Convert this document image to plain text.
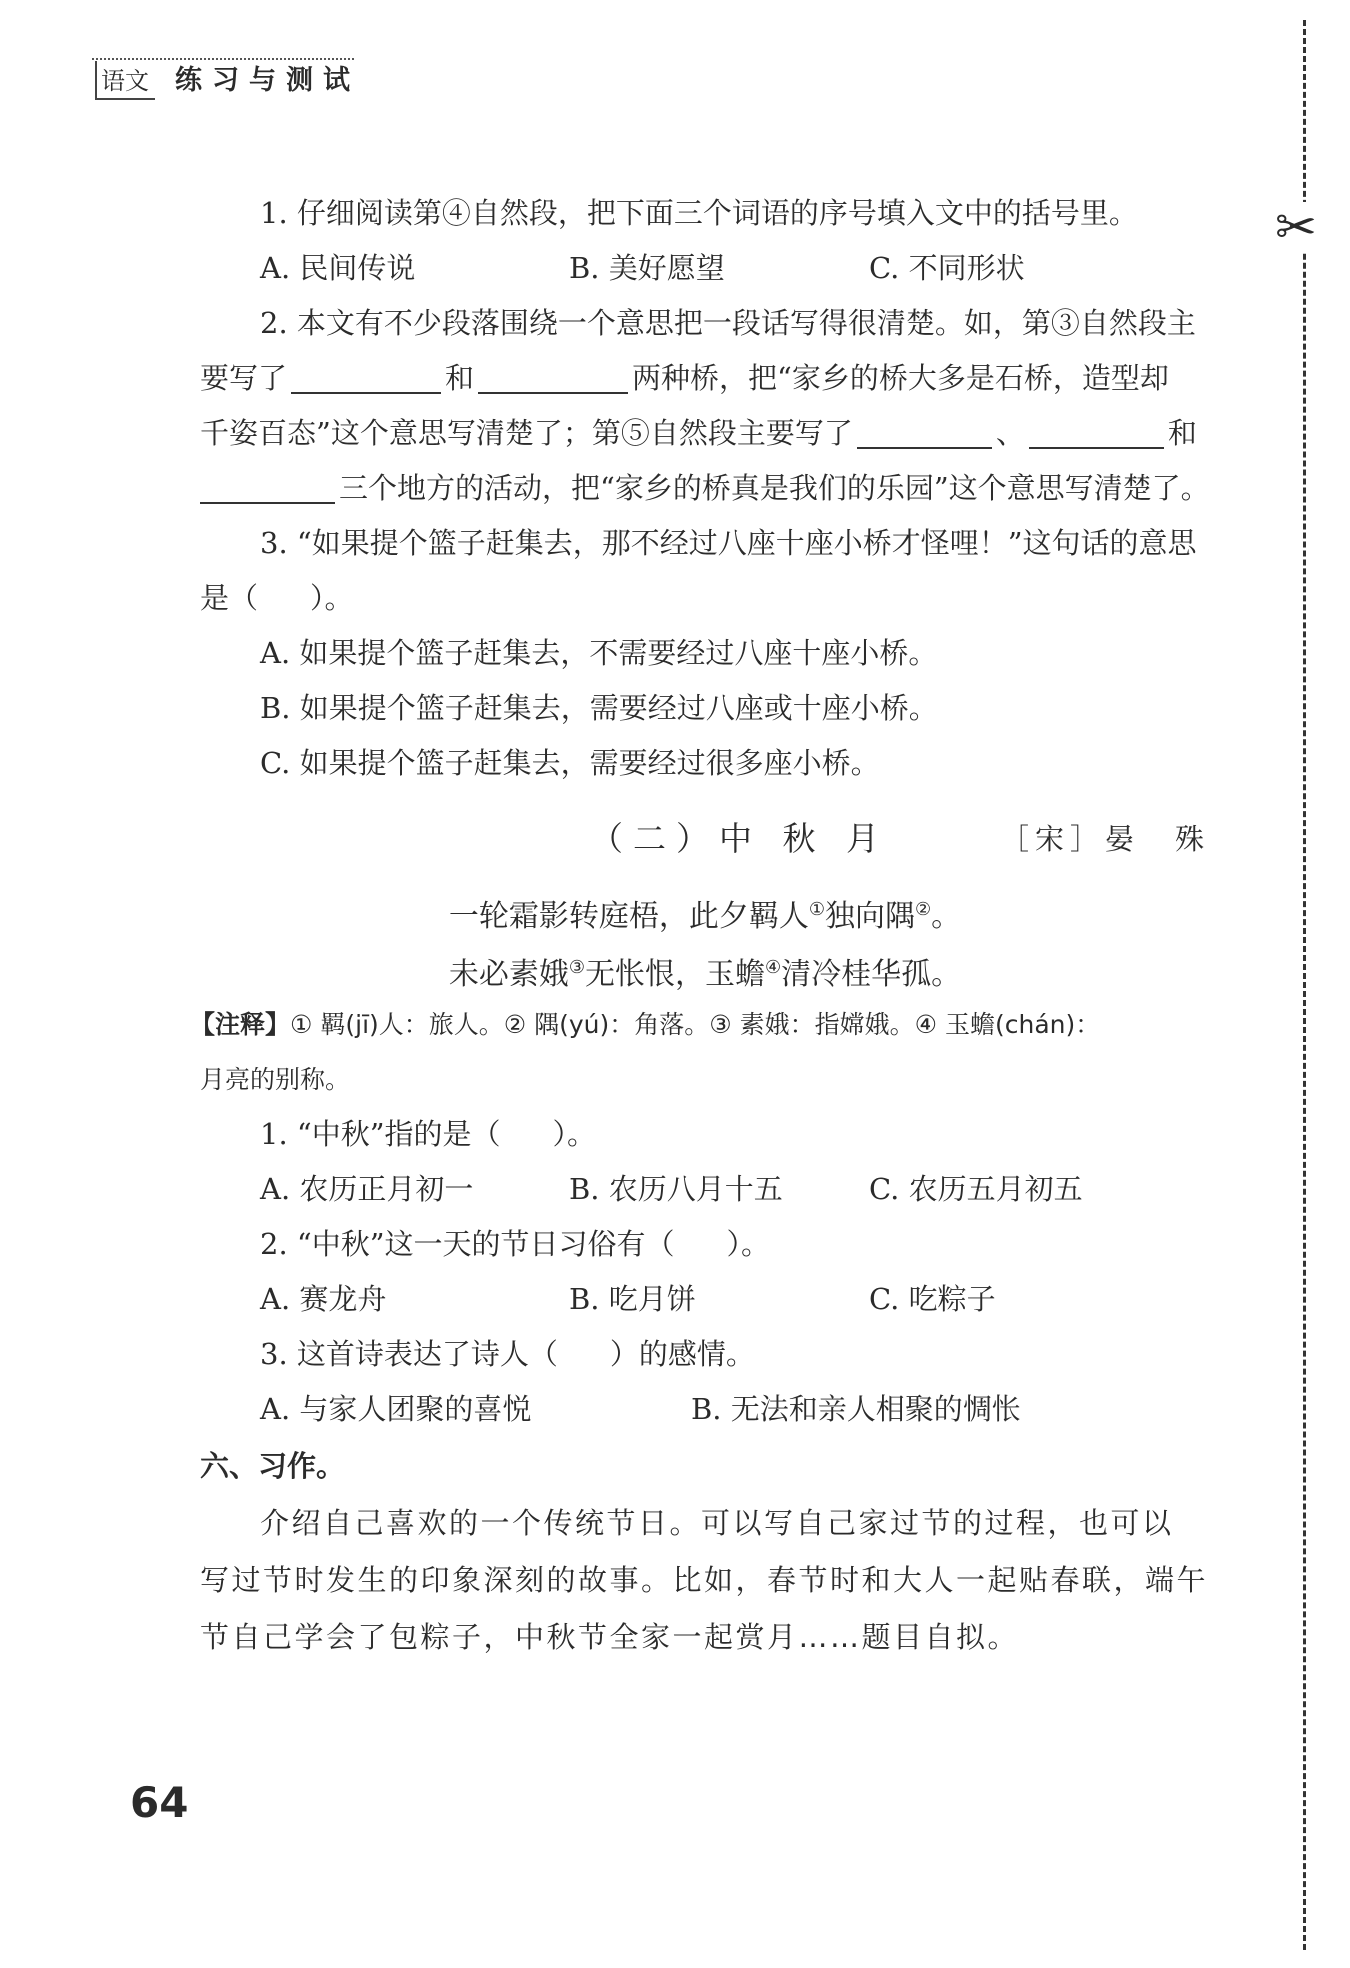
语文 练习与测试
✂
1. 仔细阅读第④自然段，把下面三个词语的序号填入文中的括号里。
A. 民间传说	B. 美好愿望	C. 不同形状
2. 本文有不少段落围绕一个意思把一段话写得很清楚。如，第③自然段主
要写了	和	两种桥，把“家乡的桥大多是石桥，造型却
千姿百态”这个意思写清楚了；第⑤自然段主要写了	、	和
三个地方的活动，把“家乡的桥真是我们的乐园”这个意思写清楚了。
3. “如果提个篮子赶集去，那不经过八座十座小桥才怪哩！”这句话的意思
是（ ）。
A. 如果提个篮子赶集去，不需要经过八座十座小桥。
B. 如果提个篮子赶集去，需要经过八座或十座小桥。
C. 如果提个篮子赶集去，需要经过很多座小桥。
（二）中 秋 月	［宋］晏　殊
一轮霜影转庭梧，此夕羁人①独向隅②。
未必素娥③无怅恨，玉蟾④清冷桂华孤。
【注释】① 羁(jī)人：旅人。② 隅(yú)：角落。③ 素娥：指嫦娥。④ 玉蟾(chán)：
月亮的别称。
1. “中秋”指的是（ ）。
A. 农历正月初一	B. 农历八月十五	C. 农历五月初五
2. “中秋”这一天的节日习俗有（ ）。
A. 赛龙舟	B. 吃月饼	C. 吃粽子
3. 这首诗表达了诗人（ ）的感情。
A. 与家人团聚的喜悦	B. 无法和亲人相聚的惆怅
六、习作。
介绍自己喜欢的一个传统节日。可以写自己家过节的过程，也可以
写过节时发生的印象深刻的故事。比如，春节时和大人一起贴春联，端午
节自己学会了包粽子，中秋节全家一起赏月……题目自拟。
64
